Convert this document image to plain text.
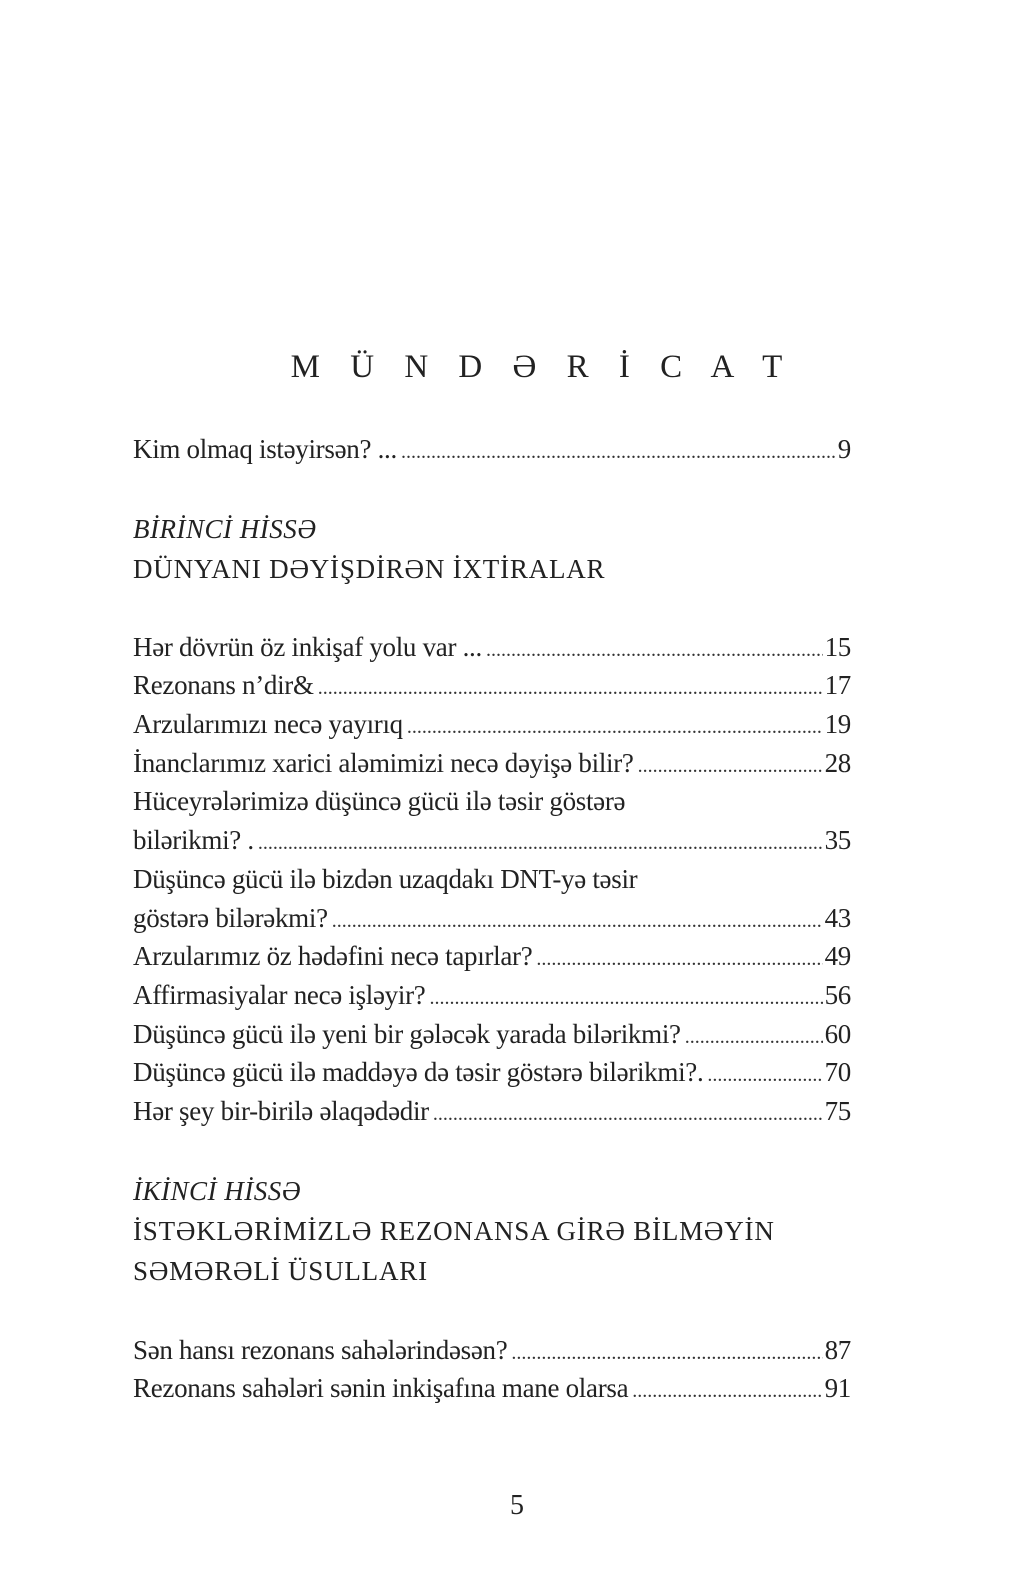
M Ü N D Ə R İ C A T
Kim olmaq istəyirsən? ... .....	9
BİRİNCİ HİSSƏ
DÜNYANI DƏYİŞDİRƏN İXTİRALAR
Hər dövrün öz inkişaf yolu var ... .....	15
Rezonans n’dir& .....	17
Arzularımızı necə yayırıq .....	19
İnanclarımız xarici aləmimizi necə dəyişə bilir? .....	28
Hüceyrələrimizə düşüncə gücü ilə təsir göstərə
bilərikmi? . .....	35
Düşüncə gücü ilə bizdən uzaqdakı DNT-yə təsir
göstərə bilərəkmi? .....	43
Arzularımız öz hədəfini necə tapırlar? .....	49
Affirmasiyalar necə işləyir? .....	56
Düşüncə gücü ilə yeni bir gələcək yarada bilərikmi? .....	60
Düşüncə gücü ilə maddəyə də təsir göstərə bilərikmi?. .....	70
Hər şey bir-birilə əlaqədədir .....	75
İKİNCİ HİSSƏ
İSTƏKLƏRİMİZLƏ REZONANSA GİRƏ BİLMƏYİN
SƏMƏRƏLİ ÜSULLARI
Sən hansı rezonans sahələrindəsən? .....	87
Rezonans sahələri sənin inkişafına mane olarsa .....	91
5
